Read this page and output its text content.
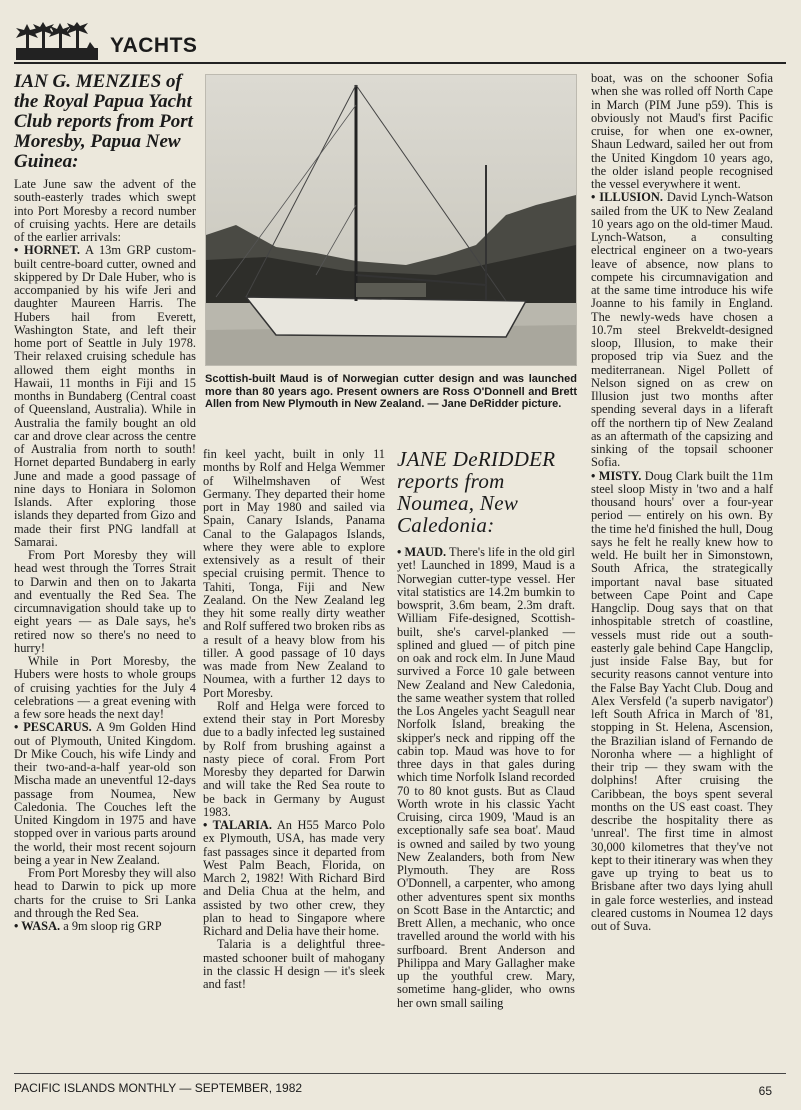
YACHTS
IAN G. MENZIES of the Royal Papua Yacht Club reports from Port Moresby, Papua New Guinea:

Late June saw the advent of the south-easterly trades which swept into Port Moresby a record number of cruising yachts. Here are details of the earlier arrivals:

• HORNET. A 13m GRP custom-built centre-board cutter, owned and skippered by Dr Dale Huber, who is accompanied by his wife Jeri and daughter Maureen Harris. The Hubers hail from Everett, Washington State, and left their home port of Seattle in July 1978. Their relaxed cruising schedule has allowed them eight months in Hawaii, 11 months in Fiji and 15 months in Bundaberg (Central coast of Queensland, Australia). While in Australia the family bought an old car and drove clear across the centre of Australia from north to south! Hornet departed Bundaberg in early June and made a good passage of nine days to Honiara in Solomon Islands. After exploring those islands they departed from Gizo and made their first PNG landfall at Samarai.

From Port Moresby they will head west through the Torres Strait to Darwin and then on to Jakarta and eventually the Red Sea. The circumnavigation should take up to eight years — as Dale says, he's retired now so there's no need to hurry!

While in Port Moresby, the Hubers were hosts to whole groups of cruising yachties for the July 4 celebrations — a great evening with a few sore heads the next day!

• PESCARUS. A 9m Golden Hind out of Plymouth, United Kingdom. Dr Mike Couch, his wife Lindy and their two-and-a-half year-old son Mischa made an uneventful 12-days passage from Noumea, New Caledonia. The Couches left the United Kingdom in 1975 and have stopped over in various parts around the world, their most recent sojourn being a year in New Zealand.

From Port Moresby they will also head to Darwin to pick up more charts for the cruise to Sri Lanka and through the Red Sea.

• WASA. a 9m sloop rig GRP

Scottish-built Maud is of Norwegian cutter design and was launched more than 80 years ago. Present owners are Ross O'Donnell and Brett Allen from New Plymouth in New Zealand. — Jane DeRidder picture.

fin keel yacht, built in only 11 months by Rolf and Helga Wemmer of Wilhelmshaven of West Germany. They departed their home port in May 1980 and sailed via Spain, Canary Islands, Panama Canal to the Galapagos Islands, where they were able to explore extensively as a result of their special cruising permit. Thence to Tahiti, Tonga, Fiji and New Zealand. On the New Zealand leg they hit some really dirty weather and Rolf suffered two broken ribs as a result of a heavy blow from his tiller. A good passage of 10 days was made from New Zealand to Noumea, with a further 12 days to Port Moresby.

Rolf and Helga were forced to extend their stay in Port Moresby due to a badly infected leg sustained by Rolf from brushing against a nasty piece of coral. From Port Moresby they departed for Darwin and will take the Red Sea route to be back in Germany by August 1983.

• TALARIA. An H55 Marco Polo ex Plymouth, USA, has made very fast passages since it departed from West Palm Beach, Florida, on March 2, 1982! With Richard Bird and Delia Chua at the helm, and assisted by two other crew, they plan to head to Singapore where Richard and Delia have their home.

Talaria is a delightful three-masted schooner built of mahogany in the classic H design — it's sleek and fast!

JANE DeRIDDER reports from Noumea, New Caledonia:

• MAUD. There's life in the old girl yet! Launched in 1899, Maud is a Norwegian cutter-type vessel. Her vital statistics are 14.2m bumkin to bowsprit, 3.6m beam, 2.3m draft. William Fife-designed, Scottish-built, she's carvel-planked — splined and glued — of pitch pine on oak and rock elm. In June Maud survived a Force 10 gale between New Zealand and New Caledonia, the same weather system that rolled the Los Angeles yacht Seagull near Norfolk Island, breaking the skipper's neck and ripping off the cabin top. Maud was hove to for three days in that gales during which time Norfolk Island recorded 70 to 80 knot gusts. But as Claud Worth wrote in his classic Yacht Cruising, circa 1909, 'Maud is an exceptionally safe sea boat'. Maud is owned and sailed by two young New Zealanders, both from New Plymouth. They are Ross O'Donnell, a carpenter, who among other adventures spent six months on Scott Base in the Antarctic; and Brett Allen, a mechanic, who once travelled around the world with his surfboard. Brent Anderson and Philippa and Mary Gallagher make up the youthful crew. Mary, sometime hang-glider, who owns her own small sailing

boat, was on the schooner Sofia when she was rolled off North Cape in March (PIM June p59). This is obviously not Maud's first Pacific cruise, for when one ex-owner, Shaun Ledward, sailed her out from the United Kingdom 10 years ago, the older island people recognised the vessel everywhere it went.

• ILLUSION. David Lynch-Watson sailed from the UK to New Zealand 10 years ago on the old-timer Maud. Lynch-Watson, a consulting electrical engineer on a two-years leave of absence, now plans to compete his circumnavigation and at the same time introduce his wife Joanne to his family in England. The newly-weds have chosen a 10.7m steel Brekveldt-designed sloop, Illusion, to make their proposed trip via Suez and the mediterranean. Nigel Pollett of Nelson signed on as crew on Illusion just two months after spending several days in a liferaft off the northern tip of New Zealand as an aftermath of the capsizing and sinking of the topsail schooner Sofia.

• MISTY. Doug Clark built the 11m steel sloop Misty in 'two and a half thousand hours' over a four-year period — entirely on his own. By the time he'd finished the hull, Doug says he felt he really knew how to weld. He built her in Simonstown, South Africa, the strategically important naval base situated between Cape Point and Cape Hangclip. Doug says that on that inhospitable stretch of coastline, vessels must ride out a south-easterly gale behind Cape Hangclip, just inside False Bay, but for security reasons cannot venture into the False Bay Yacht Club. Doug and Alex Versfeld ('a superb navigator') left South Africa in March of '81, stopping in St. Helena, Ascension, the Brazilian island of Fernando de Noronha where — a highlight of their trip — they swam with the dolphins! After cruising the Caribbean, the boys spent several months on the US east coast. They describe the hospitality there as 'unreal'. The first time in almost 30,000 kilometres that they've not kept to their itinerary was when they gave up trying to beat us to Brisbane after two days lying ahull in gale force westerlies, and instead cleared customs in Noumea 12 days out of Suva.

PACIFIC ISLANDS MONTHLY — SEPTEMBER, 1982	65
